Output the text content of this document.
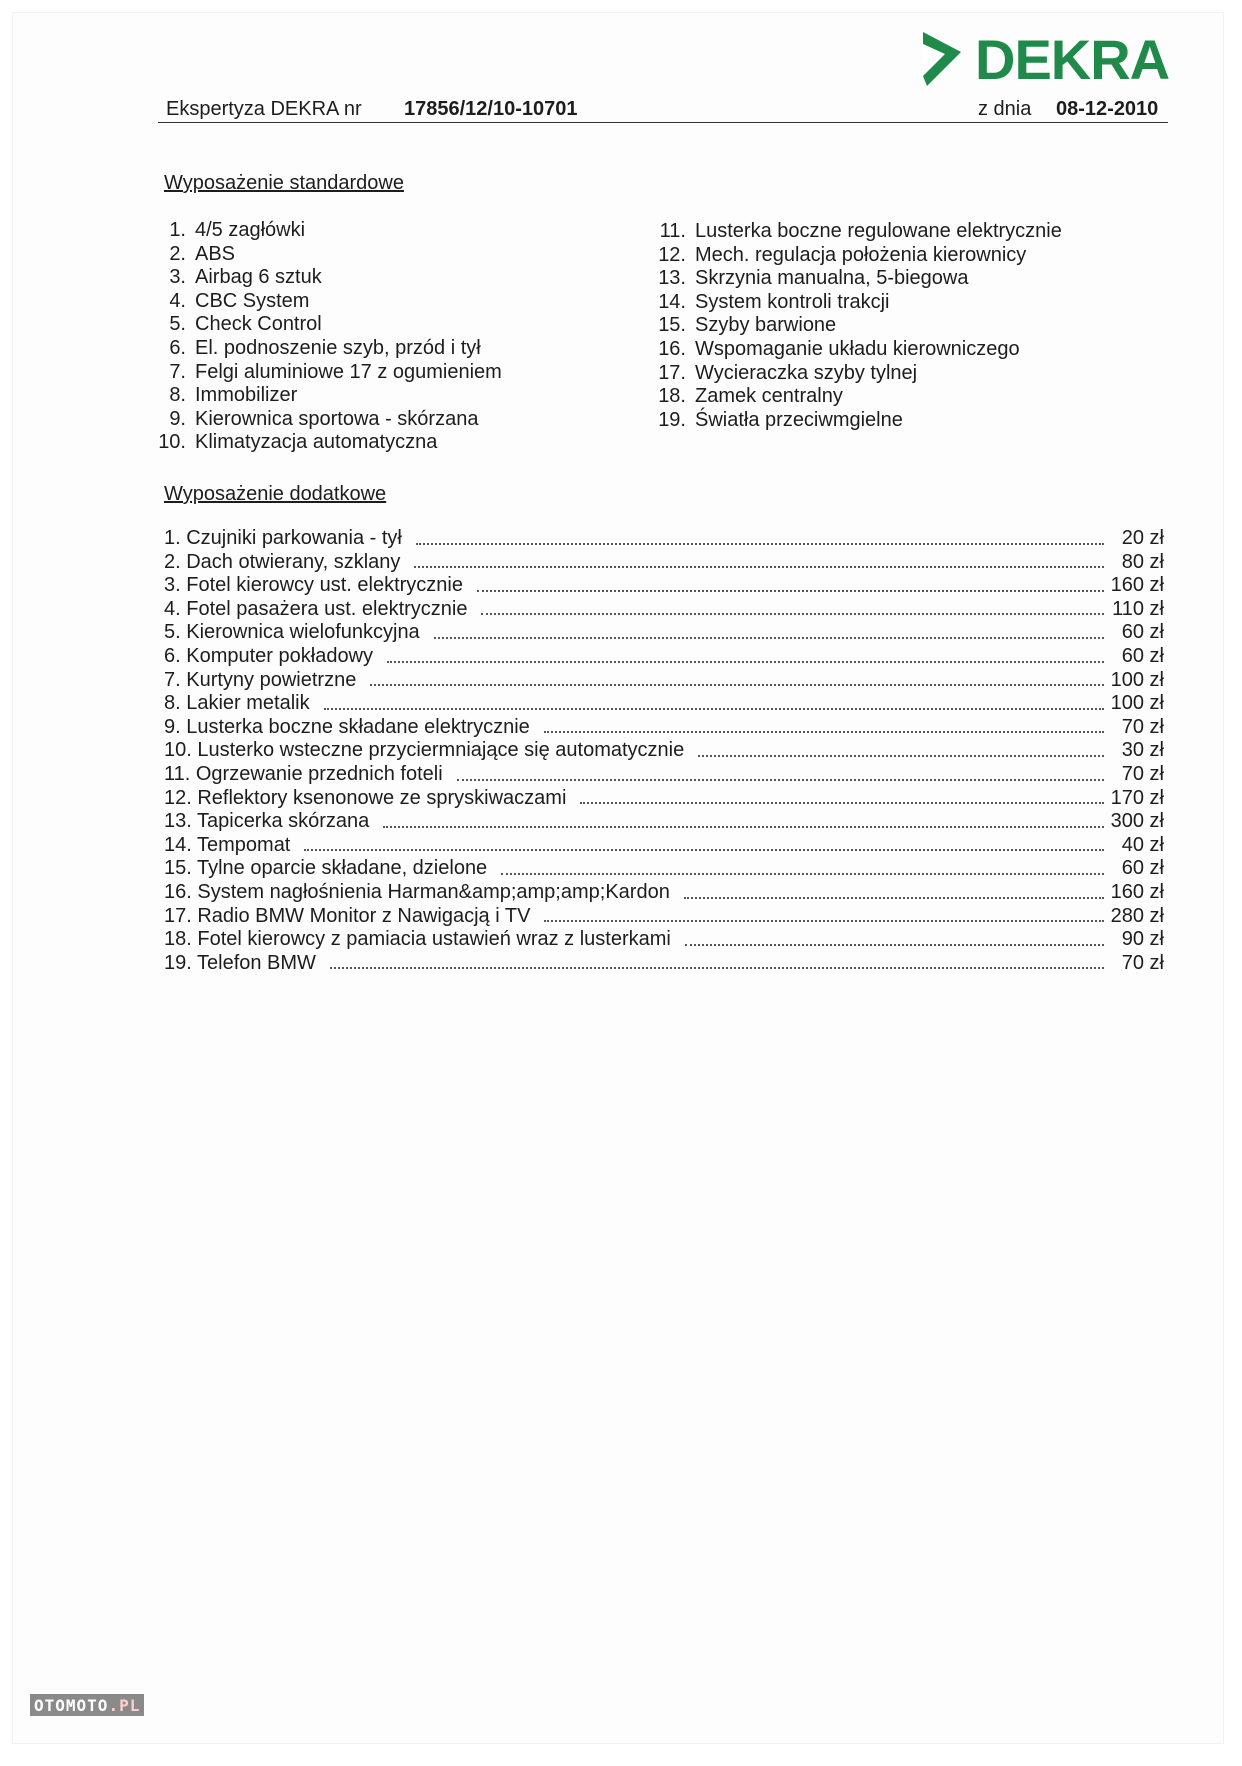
DEKRA
Ekspertyza DEKRA nr 17856/12/10-10701	z dnia 08-12-2010
Wyposażenie standardowe
1. 4/5 zagłówki
2. ABS
3. Airbag 6 sztuk
4. CBC System
5. Check Control
6. El. podnoszenie szyb, przód i tył
7. Felgi aluminiowe 17 z ogumieniem
8. Immobilizer
9. Kierownica sportowa - skórzana
10. Klimatyzacja automatyczna
11. Lusterka boczne regulowane elektrycznie
12. Mech. regulacja położenia kierownicy
13. Skrzynia manualna, 5-biegowa
14. System kontroli trakcji
15. Szyby barwione
16. Wspomaganie układu kierowniczego
17. Wycieraczka szyby tylnej
18. Zamek centralny
19. Światła przeciwmgielne
Wyposażenie dodatkowe
1. Czujniki parkowania - tył	20 zł
2. Dach otwierany, szklany	80 zł
3. Fotel kierowcy ust. elektrycznie	160 zł
4. Fotel pasażera ust. elektrycznie	110 zł
5. Kierownica wielofunkcyjna	60 zł
6. Komputer pokładowy	60 zł
7. Kurtyny powietrzne	100 zł
8. Lakier metalik	100 zł
9. Lusterka boczne składane elektrycznie	70 zł
10. Lusterko wsteczne przyciermniające się automatycznie	30 zł
11. Ogrzewanie przednich foteli	70 zł
12. Reflektory ksenonowe ze spryskiwaczami	170 zł
13. Tapicerka skórzana	300 zł
14. Tempomat	40 zł
15. Tylne oparcie składane, dzielone	60 zł
16. System nagłośnienia Harman&amp;amp;amp;Kardon	160 zł
17. Radio BMW Monitor z Nawigacją i TV	280 zł
18. Fotel kierowcy z pamiacia ustawień wraz z lusterkami	90 zł
19. Telefon BMW	70 zł
OTOMOTO .PL
